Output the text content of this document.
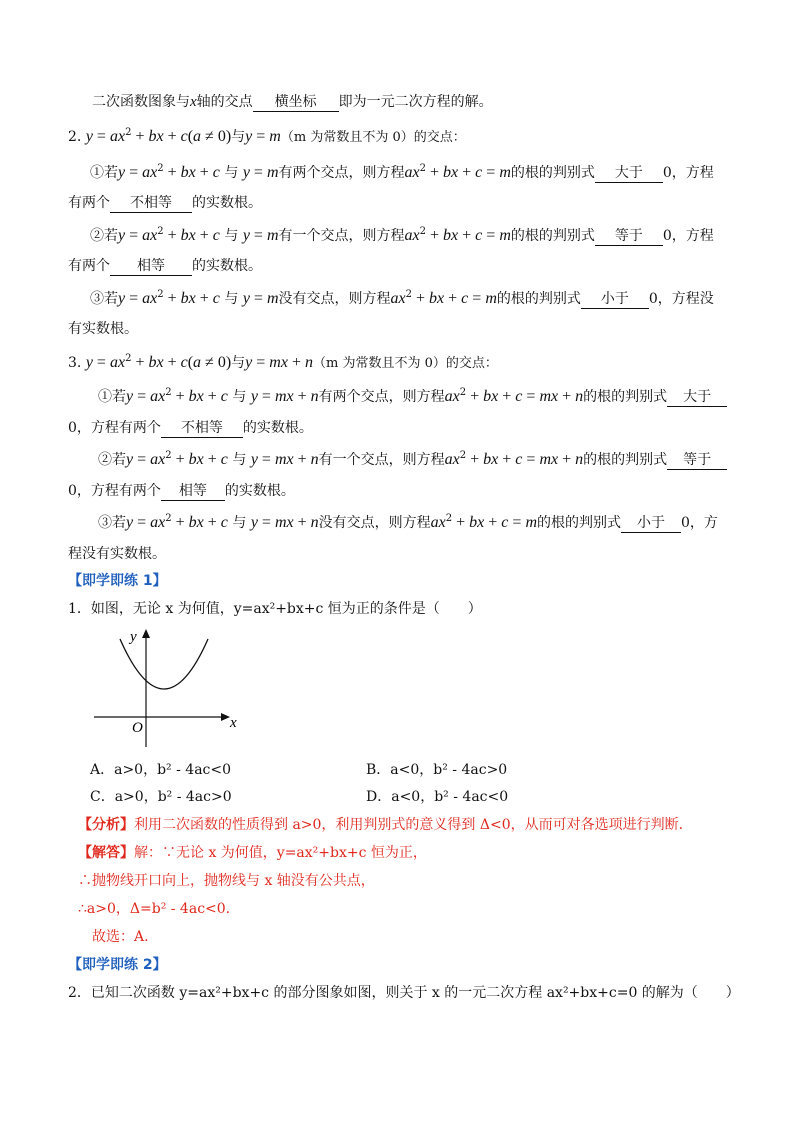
二次函数图象与x轴的交点 横坐标 即为一元二次方程的解。
2. $y = ax^2$ + bx + c(a ≠ 0)与y = m（m 为常数且不为 0）的交点：
①若$y = ax^2$ + bx + c 与 y = m有两个交点，则方程$ax^2$ + bx + c = m的根的判别式 大于 0，方程
有两个 不相等 的实数根。
②若$y = ax^2$ + bx + c 与 y = m有一个交点，则方程$ax^2$ + bx + c = m的根的判别式 等于 0，方程
有两个 相等 的实数根。
③若$y = ax^2$ + bx + c 与 y = m没有交点，则方程$ax^2$ + bx + c = m的根的判别式 小于 0，方程没
有实数根。
3. $y = ax^2$ + bx + c(a ≠ 0)与y = mx + n（m 为常数且不为 0）的交点：
①若$y = ax^2$ + bx + c 与 y = mx + n有两个交点，则方程$ax^2$ + bx + c = mx + n的根的判别式 大于
0，方程有两个 不相等 的实数根。
②若$y = ax^2$ + bx + c 与 y = mx + n有一个交点，则方程$ax^2$ + bx + c = mx + n的根的判别式 等于
0，方程有两个 相等 的实数根。
③若$y = ax^2$ + bx + c 与 y = mx + n没有交点，则方程$ax^2$ + bx + c = m的根的判别式 小于 0，方
程没有实数根。
【即学即练 1】
1．如图，无论 x 为何值，y=ax²+bx+c 恒为正的条件是（　　）
y
x
O
A．a>0，b² - 4ac<0	B．a<0，b² - 4ac>0
C．a>0，b² - 4ac>0	D．a<0，b² - 4ac<0
【分析】利用二次函数的性质得到 a>0，利用判别式的意义得到 Δ<0，从而可对各选项进行判断.
【解答】解：∵无论 x 为何值，y=ax²+bx+c 恒为正，
∴抛物线开口向上，抛物线与 x 轴没有公共点，
∴a>0，Δ=b² - 4ac<0.
故选：A.
【即学即练 2】
2．已知二次函数 y=ax²+bx+c 的部分图象如图，则关于 x 的一元二次方程 ax²+bx+c=0 的解为（　　）
